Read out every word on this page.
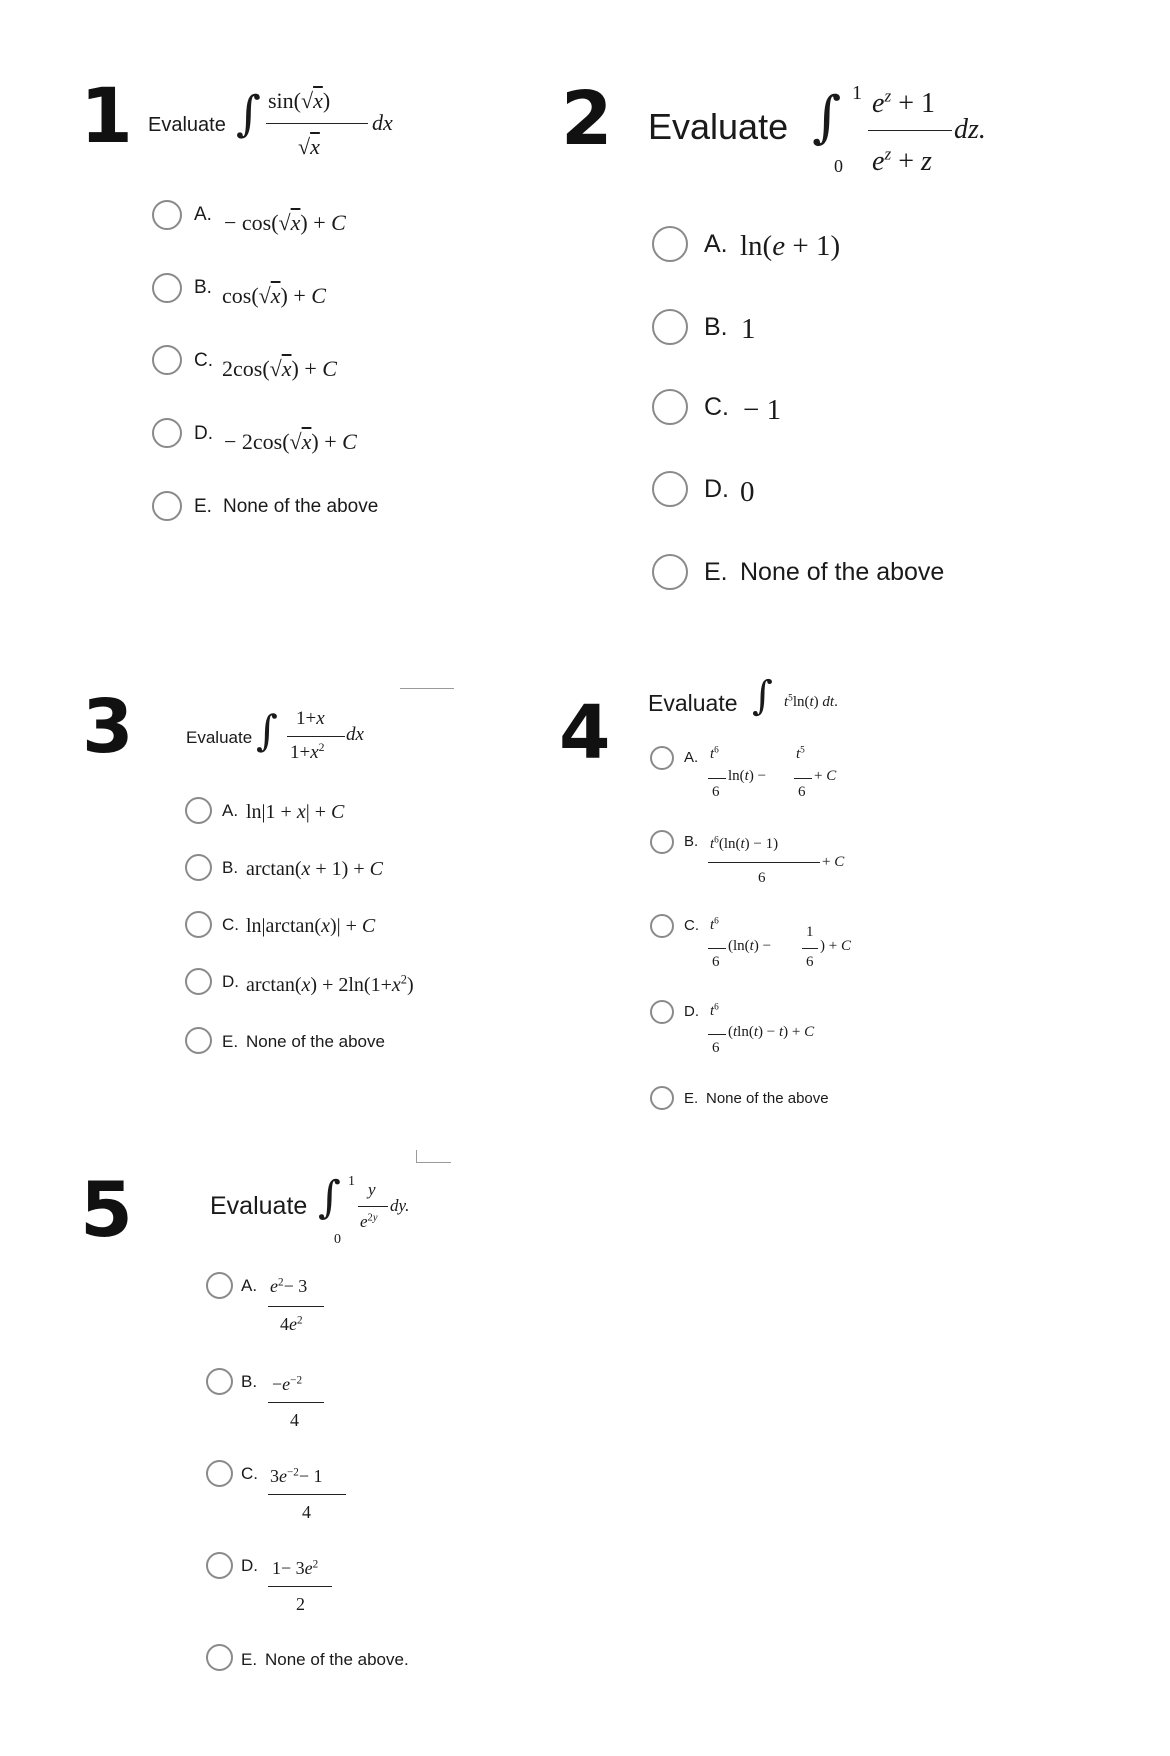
1 Evaluate ∫ sin(√x)
√x
dx
A. − cos(√x) + C
B. cos(√x) + C
C. 2cos(√x) + C
D. − 2cos(√x) + C
E. None of the above
2 Evaluate ∫ 1
0
$e^z + 1$
$e^z + z$
dz.
A. ln(e + 1)
B. 1
C. − 1
D. 0
E. None of the above
3	Evaluate ∫ 1+x
$1+x^2$
dx
A. ln|1 + x| + C
B. arctan(x + 1) + C
C. ln|arctan(x)| + C
D. $\arctan(x) + 2\ln(1+x^2)$
E. None of the above
4 Evaluate ∫ $t^5\ln(t)$ dt.
A. $t^6$
6
ln(t) −
$t^5$
6
+ C
B. $t^6(\ln(t) - 1)$
6
+ C
C. $t^6$
6
(ln(t) −
1
6
) + C
D. $t^6$
6
(tln(t) − t) + C
E. None of the above
5	Evaluate ∫ 1
0
y
$e^{2y}$
dy.
A. $e^2- 3$
$4e^2$
B. $-e^{-2}$
4
C. $3e^{-2}- 1$
4
D. $1- 3e^2$
2
E. None of the above.
